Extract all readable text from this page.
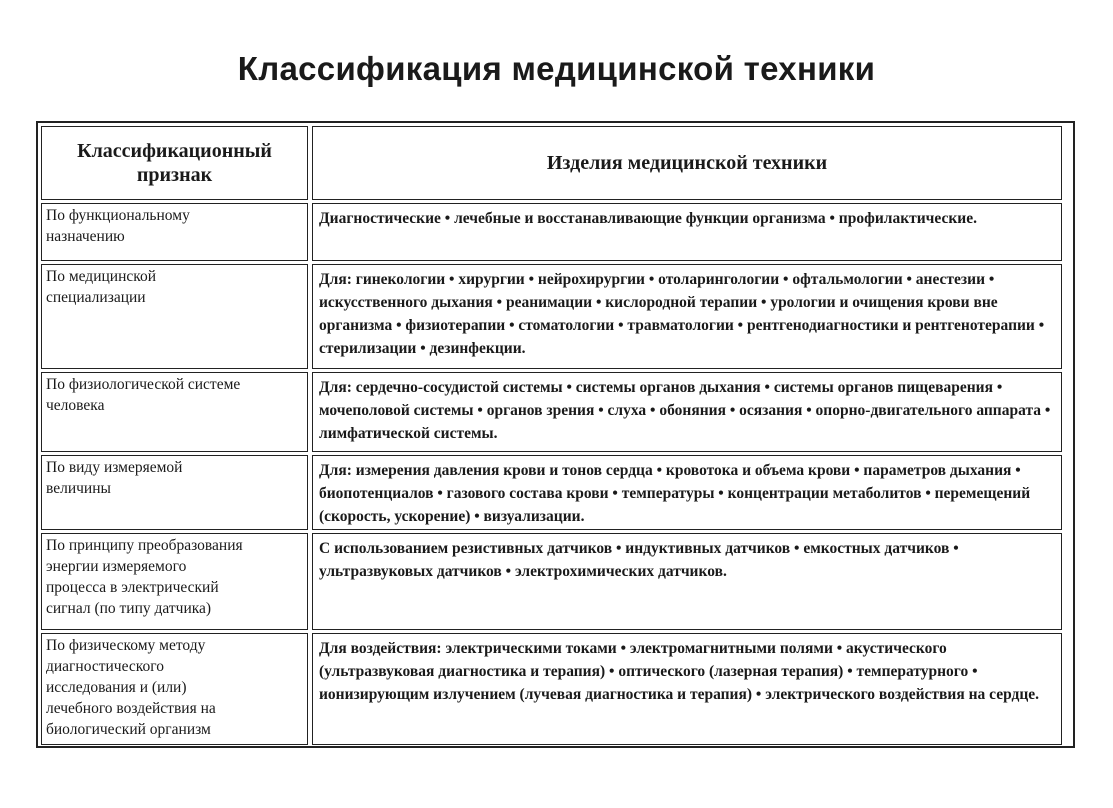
Классификация медицинской техники
Классификационный
признак
Изделия медицинской техники
По функциональному
назначению
Диагностические • лечебные и восстанавливающие функции организма • профилактические.
По медицинской
специализации
Для: гинекологии • хирургии • нейрохирургии • отоларингологии • офтальмологии • анестезии • искусственного дыхания • реанимации • кислородной терапии • урологии и очищения крови вне организма • физиотерапии • стоматологии • травматологии • рентгенодиагностики и рентгенотерапии • стерилизации • дезинфекции.
По физиологической системе
человека
Для: сердечно-сосудистой системы • системы органов дыхания • системы органов пищеварения • мочеполовой системы • органов зрения • слуха • обоняния • осязания • опорно-двигательного аппарата • лимфатической системы.
По виду измеряемой
величины
Для: измерения давления крови и тонов сердца • кровотока и объема крови • параметров дыхания • биопотенциалов • газового состава крови • температуры • концентрации метаболитов • перемещений (скорость, ускорение) • визуализации.
По принципу преобразования
энергии измеряемого
процесса в электрический
сигнал (по типу датчика)
С использованием резистивных датчиков • индуктивных датчиков • емкостных датчиков • ультразвуковых датчиков • электрохимических датчиков.
По физическому методу
диагностического
исследования и (или)
лечебного воздействия на
биологический организм
Для воздействия: электрическими токами • электромагнитными полями • акустического (ультразвуковая диагностика и терапия) • оптического (лазерная терапия) • температурного • ионизирующим излучением (лучевая диагностика и терапия) • электрического воздействия на сердце.
